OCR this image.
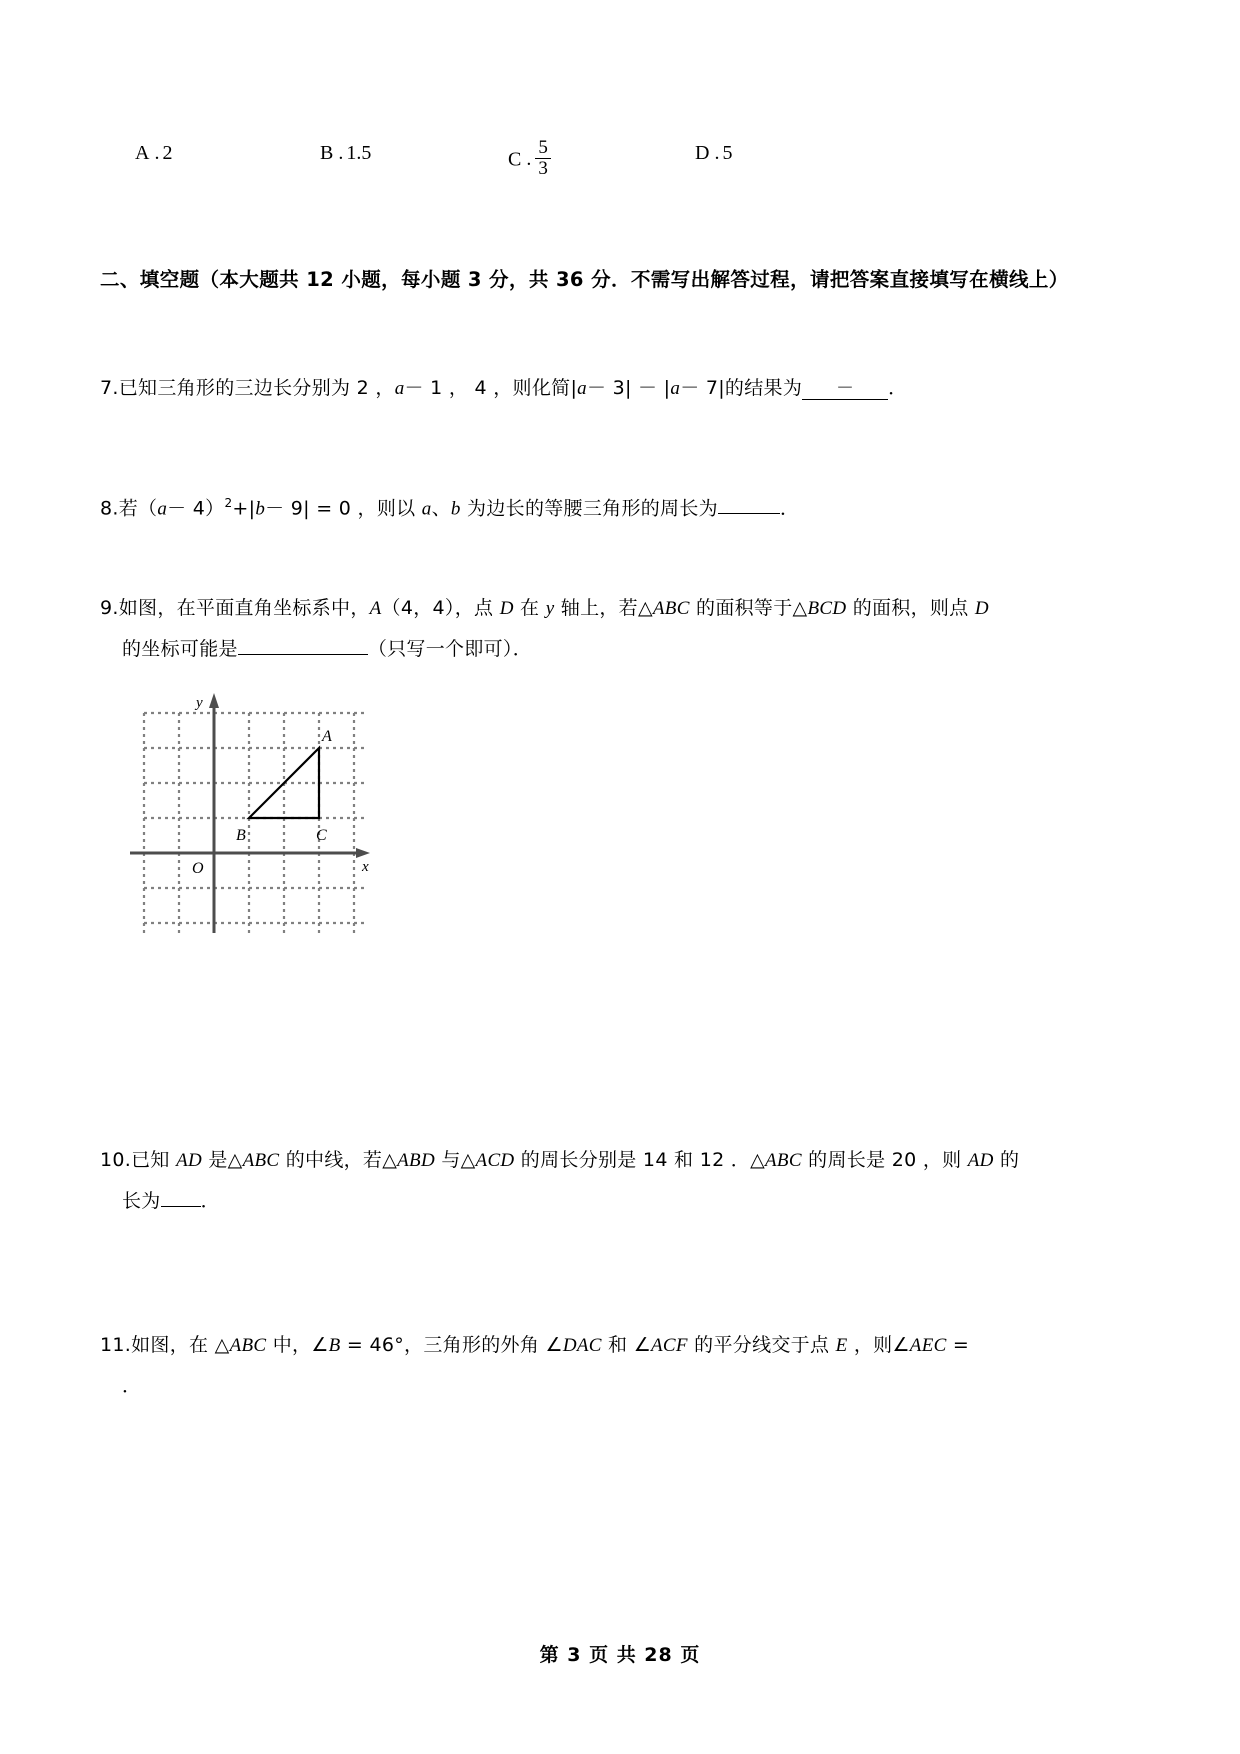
A . 2	B . 1.5	C . $\frac{5}{3}$	D . 5
二、填空题（本大题共 12 小题，每小题 3 分，共 36 分．不需写出解答过程，请把答案直接填写在横线上）
7.已知三角形的三边长分别为 2 ，a－ 1 ， 4 ，则化简|a－ 3| － |a－ 7|的结果为 － ．
8.若$(a- 4)^2+|b- 9| = 0$ ，则以 a、b 为边长的等腰三角形的周长为	．
9.如图，在平面直角坐标系中，A（4，4），点 D 在 y 轴上，若△ABC 的面积等于△BCD 的面积，则点 D
的坐标可能是	（只写一个即可）．
y
x
O
A
B	C
10.已知 AD 是△ABC 的中线，若△ABD 与△ACD 的周长分别是 14 和 12 ．△ABC 的周长是 20 ，则 AD 的
长为 ．
11.如图，在 △ABC 中，∠B = 46°，三角形的外角 ∠DAC 和 ∠ACF 的平分线交于点 E ，则∠AEC =
．
第 3 页 共 28 页
